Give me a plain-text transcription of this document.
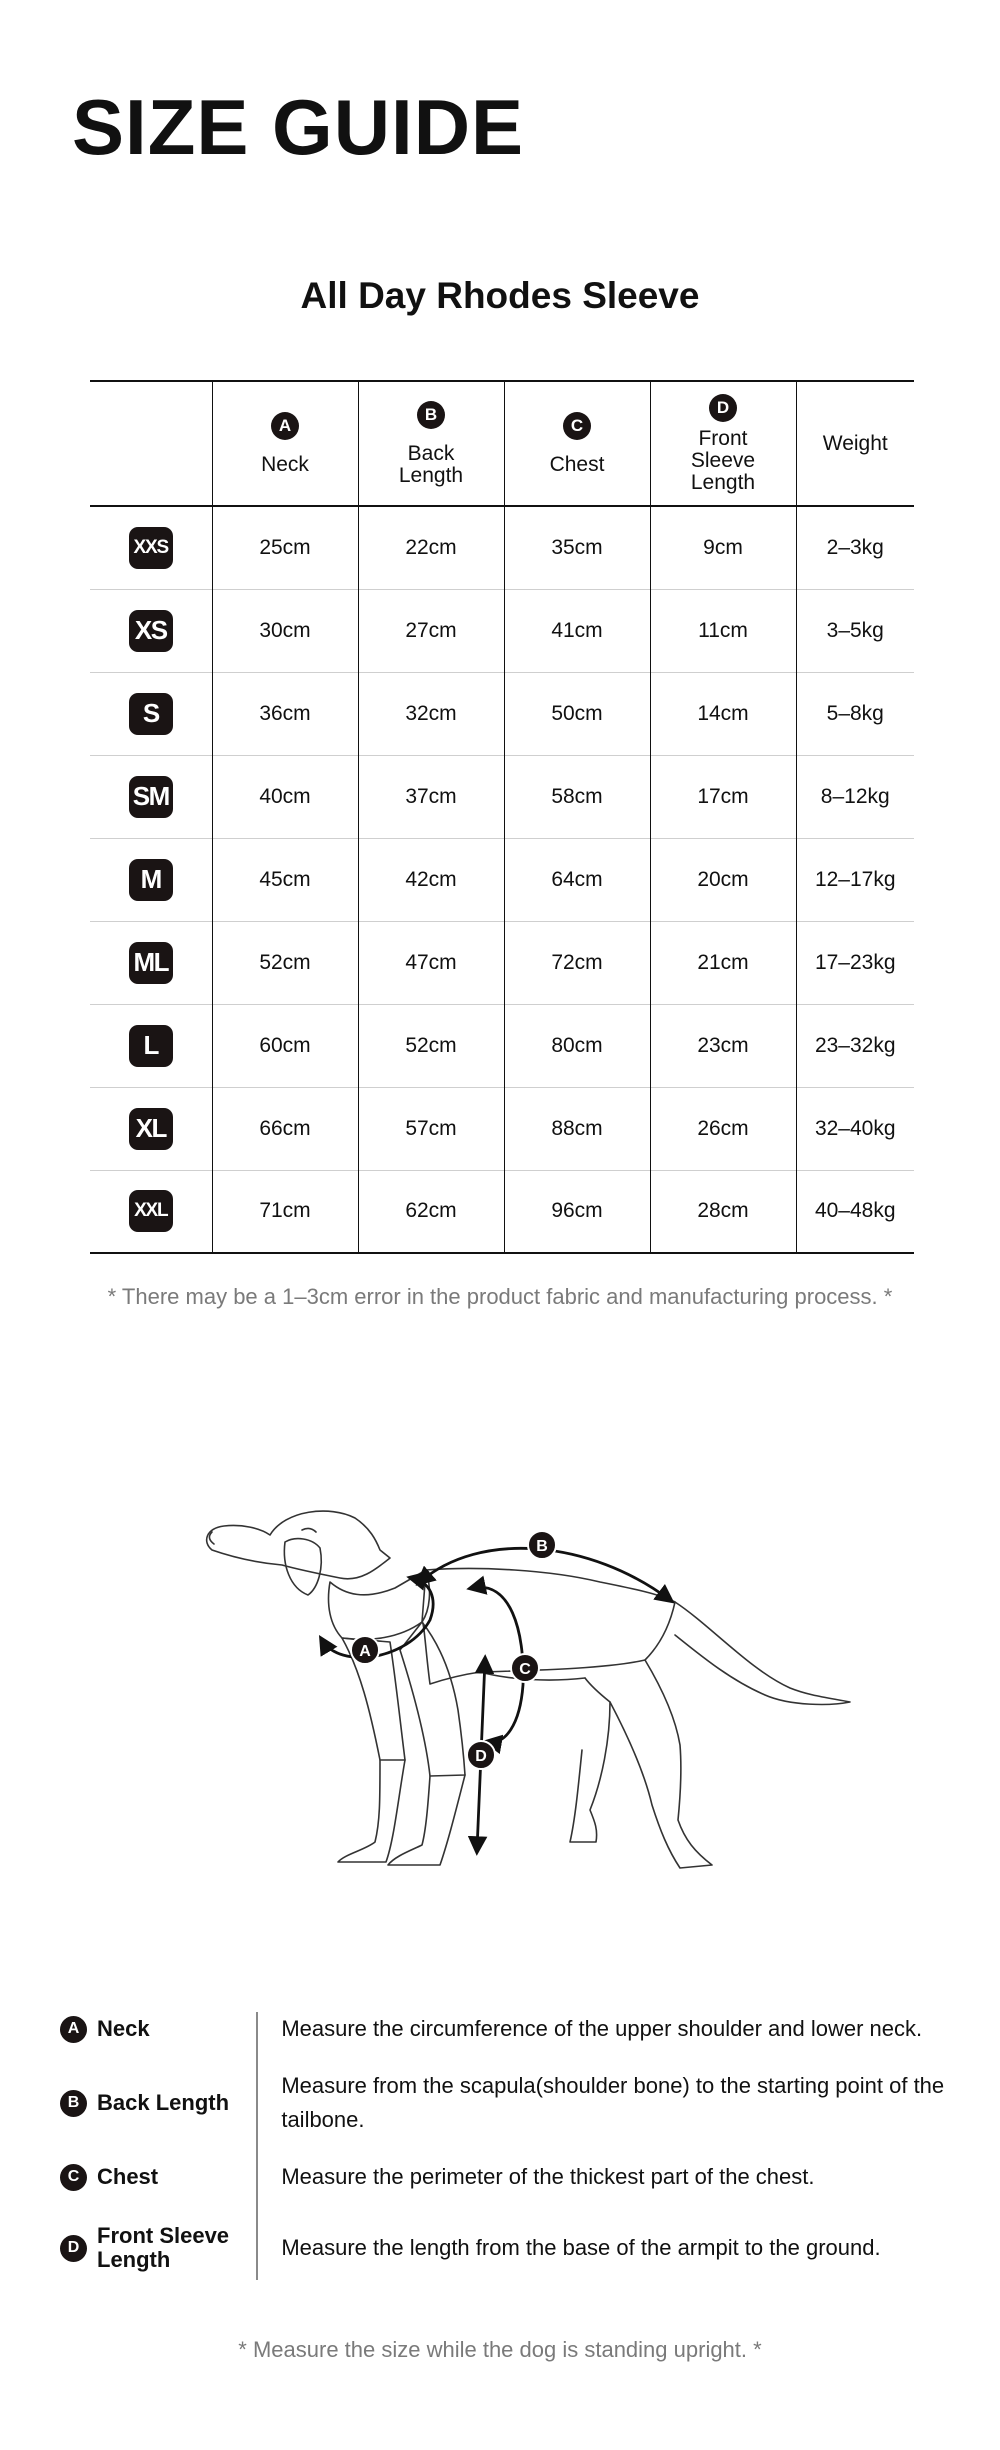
SIZE GUIDE
All Day Rhodes Sleeve

A
Neck	B
Back
Length	C
Chest	D
Front
Sleeve
Length	Weight
XXS	25cm	22cm	35cm	9cm	2–3kg
XS	30cm	27cm	41cm	11cm	3–5kg
S	36cm	32cm	50cm	14cm	5–8kg
SM	40cm	37cm	58cm	17cm	8–12kg
M	45cm	42cm	64cm	20cm	12–17kg
ML	52cm	47cm	72cm	21cm	17–23kg
L	60cm	52cm	80cm	23cm	23–32kg
XL	66cm	57cm	88cm	26cm	32–40kg
XXL	71cm	62cm	96cm	28cm	40–48kg
* There may be a 1–3cm error in the product fabric and manufacturing process. *
A
B
C
D
A Neck	Measure the circumference of the upper shoulder and lower neck.
B Back Length
Measure from the scapula(shoulder bone) to the starting point of the tailbone.
C Chest	Measure the perimeter of the thickest part of the chest.
D Front Sleeve
Length	Measure the length from the base of the armpit to the ground.
* Measure the size while the dog is standing upright. *
